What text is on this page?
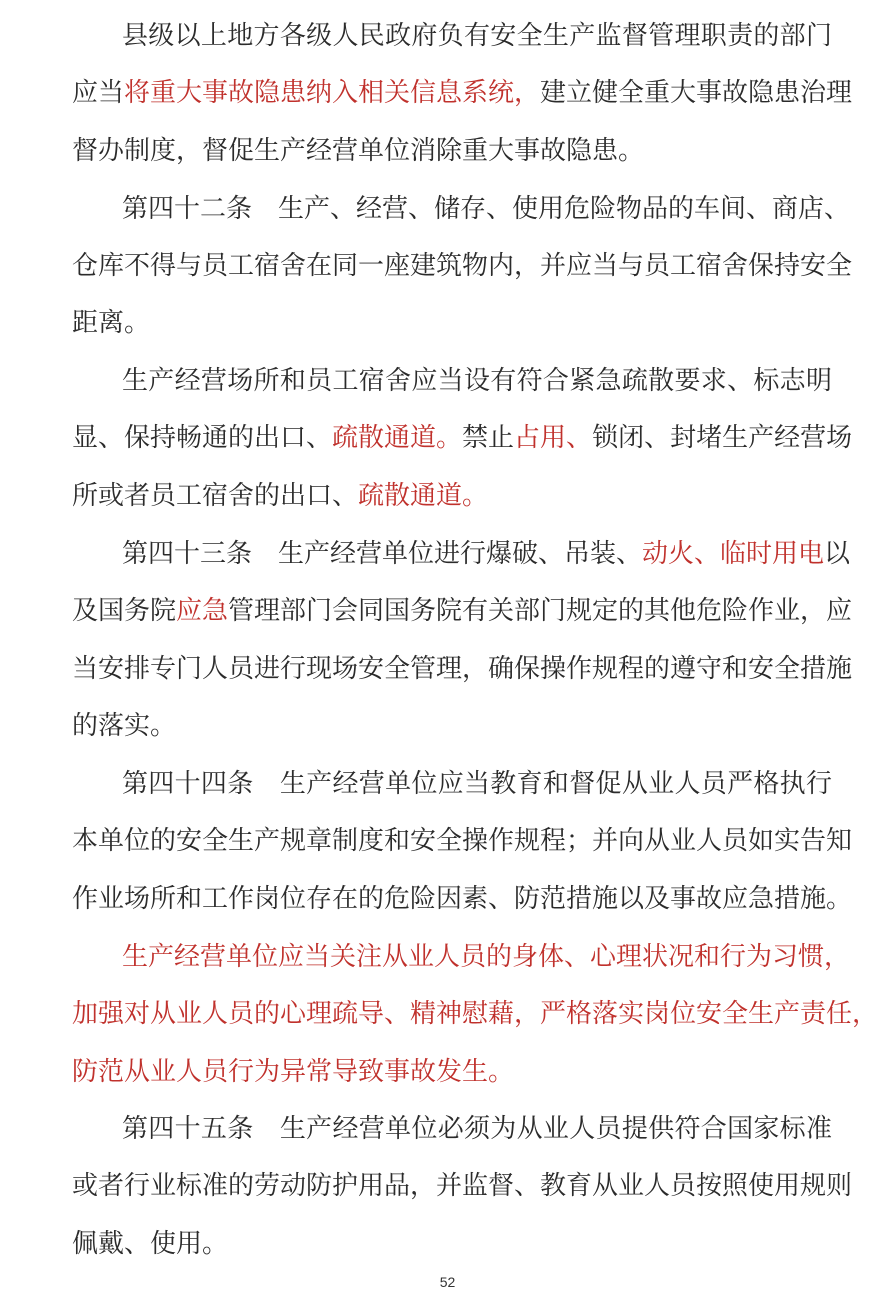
52
县级以上地方各级人民政府负有安全生产监督管理职责的部门
应当将重大事故隐患纳入相关信息系统，建立健全重大事故隐患治理
督办制度，督促生产经营单位消除重大事故隐患。
第四十二条 生产、经营、储存、使用危险物品的车间、商店、
仓库不得与员工宿舍在同一座建筑物内，并应当与员工宿舍保持安全
距离。
生产经营场所和员工宿舍应当设有符合紧急疏散要求、标志明
显、保持畅通的出口、疏散通道。禁止占用、锁闭、封堵生产经营场
所或者员工宿舍的出口、疏散通道。
第四十三条 生产经营单位进行爆破、吊装、动火、临时用电以
及国务院应急管理部门会同国务院有关部门规定的其他危险作业，应
当安排专门人员进行现场安全管理，确保操作规程的遵守和安全措施
的落实。
第四十四条 生产经营单位应当教育和督促从业人员严格执行
本单位的安全生产规章制度和安全操作规程；并向从业人员如实告知
作业场所和工作岗位存在的危险因素、防范措施以及事故应急措施。
生产经营单位应当关注从业人员的身体、心理状况和行为习惯，
加强对从业人员的心理疏导、精神慰藉，严格落实岗位安全生产责任，
防范从业人员行为异常导致事故发生。
第四十五条 生产经营单位必须为从业人员提供符合国家标准
或者行业标准的劳动防护用品，并监督、教育从业人员按照使用规则
佩戴、使用。
